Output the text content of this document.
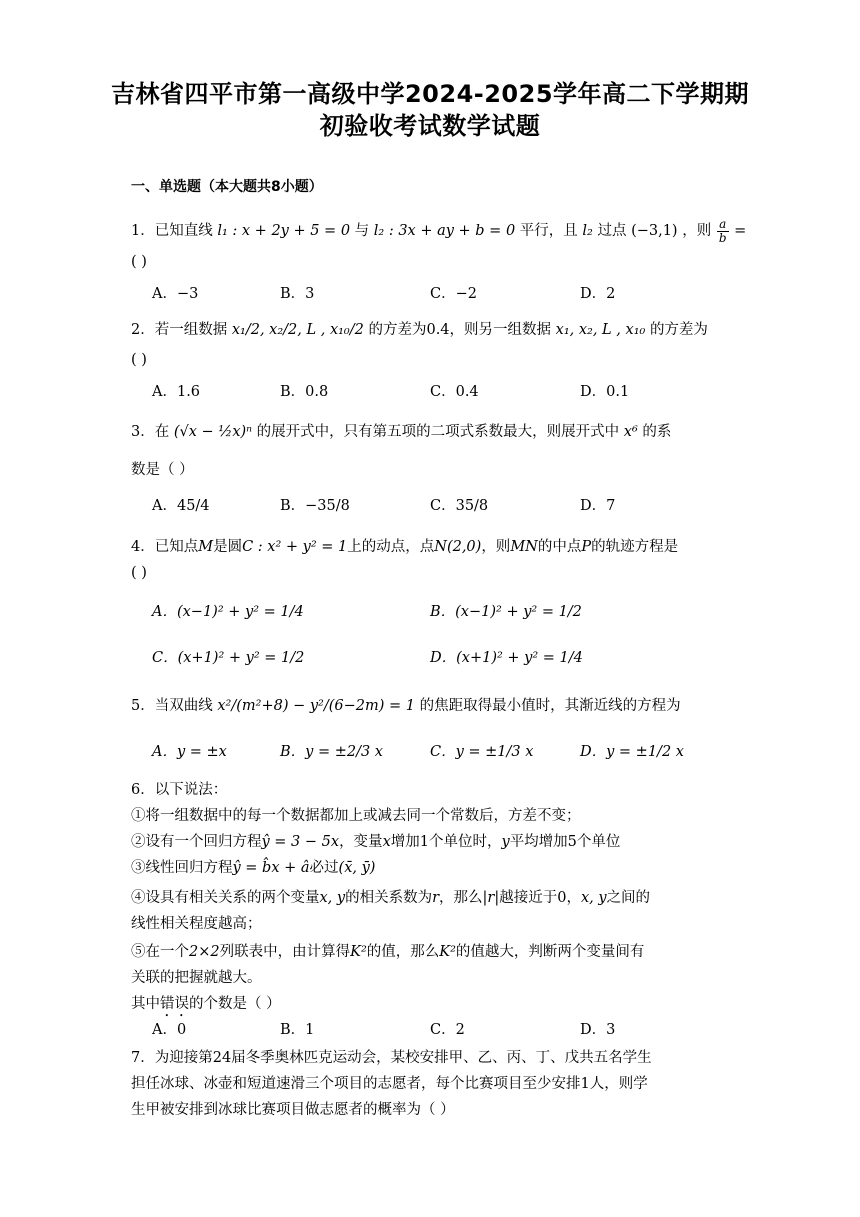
吉林省四平市第一高级中学2024-2025学年高二下学期期
初验收考试数学试题
一、单选题（本大题共8小题）
1．已知直线 l₁ : x + 2y + 5 = 0 与 l₂ : 3x + ay + b = 0 平行，且 l₂ 过点 (−3,1) ，则 $\frac{a}{b}$ =
( )
A．−3	B．3	C．−2	D．2
2．若一组数据 x₁/2, x₂/2, L , x₁₀/2 的方差为0.4，则另一组数据 x₁, x₂, L , x₁₀ 的方差为
( )
A．1.6	B．0.8	C．0.4	D．0.1
3．在 (√x − ½x)ⁿ 的展开式中，只有第五项的二项式系数最大，则展开式中 x⁶ 的系
数是（ ）
A．45/4	B．−35/8	C．35/8	D．7
4．已知点M是圆C : x² + y² = 1上的动点，点N(2,0)，则MN的中点P的轨迹方程是
( )
A．(x−1)² + y² = 1/4	B．(x−1)² + y² = 1/2
C．(x+1)² + y² = 1/2	D．(x+1)² + y² = 1/4
5．当双曲线 x²/(m²+8) − y²/(6−2m) = 1 的焦距取得最小值时，其渐近线的方程为
A．y = ±x	B．y = ±2/3 x	C．y = ±1/3 x	D．y = ±1/2 x
6．以下说法：
①将一组数据中的每一个数据都加上或减去同一个常数后，方差不变；
②设有一个回归方程ŷ = 3 − 5x，变量x增加1个单位时，y平均增加5个单位
③线性回归方程ŷ = b̂x + â必过(x̄, ȳ)
④设具有相关关系的两个变量x, y的相关系数为r，那么|r|越接近于0，x, y之间的
线性相关程度越高；
⑤在一个2×2列联表中，由计算得K²的值，那么K²的值越大，判断两个变量间有
关联的把握就越大。
其中错误的个数是（ ）
A．0	B．1	C．2	D．3
7．为迎接第24届冬季奥林匹克运动会，某校安排甲、乙、丙、丁、戊共五名学生
担任冰球、冰壶和短道速滑三个项目的志愿者，每个比赛项目至少安排1人，则学
生甲被安排到冰球比赛项目做志愿者的概率为（ ）
